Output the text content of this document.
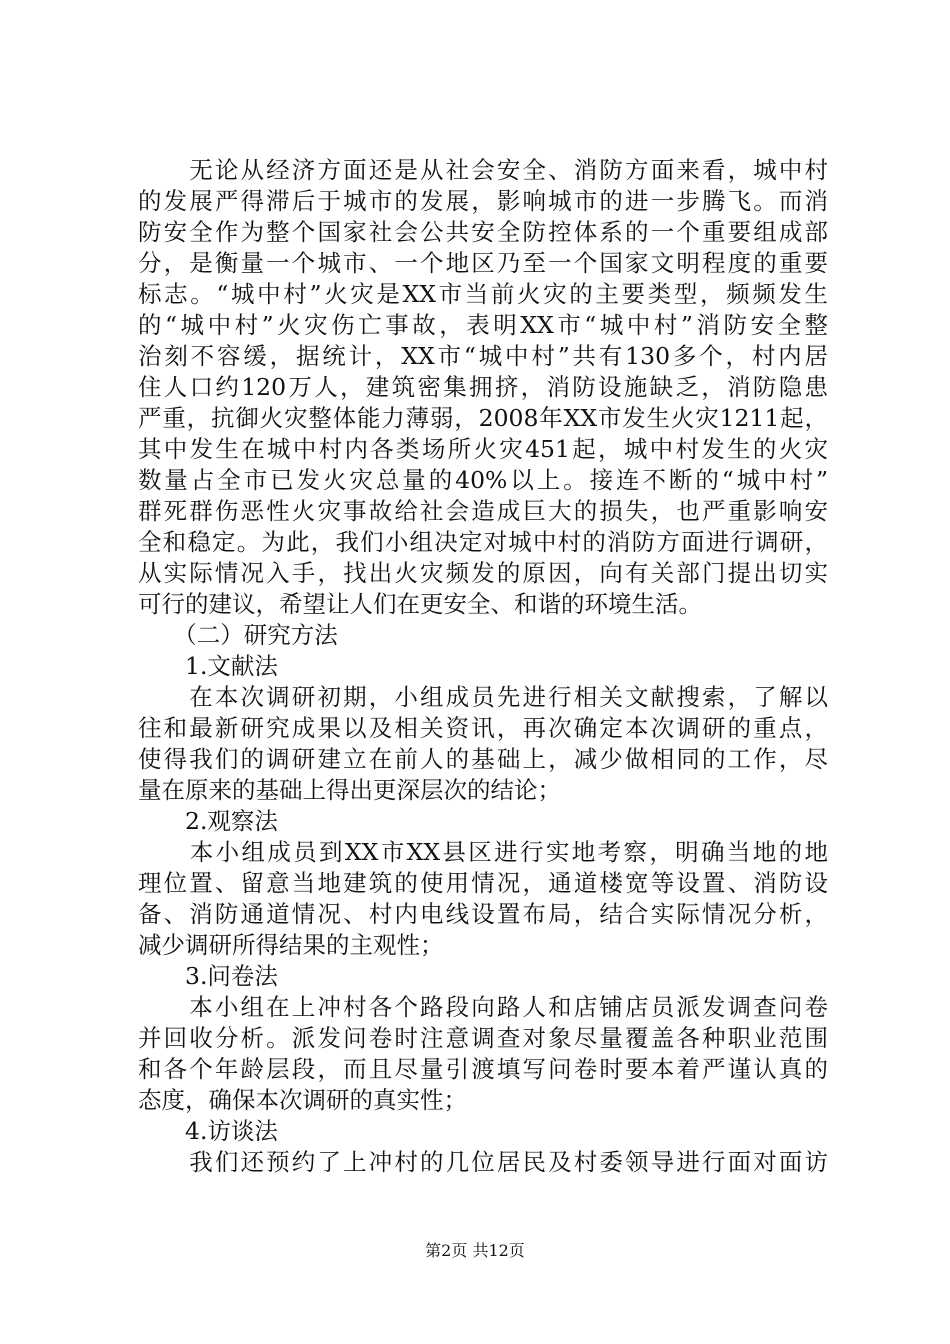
　　无论从经济方面还是从社会安全、消防方面来看，城中村
的发展严得滞后于城市的发展，影响城市的进一步腾飞。而消
防安全作为整个国家社会公共安全防控体系的一个重要组成部
分，是衡量一个城市、一个地区乃至一个国家文明程度的重要
标志。“城中村”火灾是XX市当前火灾的主要类型，频频发生
的“城中村”火灾伤亡事故，表明XX市“城中村”消防安全整
治刻不容缓，据统计，XX市“城中村”共有130多个，村内居
住人口约120万人，建筑密集拥挤，消防设施缺乏，消防隐患
严重，抗御火灾整体能力薄弱，2008年XX市发生火灾1211起，
其中发生在城中村内各类场所火灾451起，城中村发生的火灾
数量占全市已发火灾总量的40%以上。接连不断的“城中村”
群死群伤恶性火灾事故给社会造成巨大的损失，也严重影响安
全和稳定。为此，我们小组决定对城中村的消防方面进行调研，
从实际情况入手，找出火灾频发的原因，向有关部门提出切实
可行的建议，希望让人们在更安全、和谐的环境生活。
　　（二）研究方法
　　1.文献法
　　在本次调研初期，小组成员先进行相关文献搜索，了解以
往和最新研究成果以及相关资讯，再次确定本次调研的重点，
使得我们的调研建立在前人的基础上，减少做相同的工作，尽
量在原来的基础上得出更深层次的结论；
　　2.观察法
　　本小组成员到XX市XX县区进行实地考察，明确当地的地
理位置、留意当地建筑的使用情况，通道楼宽等设置、消防设
备、消防通道情况、村内电线设置布局，结合实际情况分析，
减少调研所得结果的主观性；
　　3.问卷法
　　本小组在上冲村各个路段向路人和店铺店员派发调查问卷
并回收分析。派发问卷时注意调查对象尽量覆盖各种职业范围
和各个年龄层段，而且尽量引渡填写问卷时要本着严谨认真的
态度，确保本次调研的真实性；
　　4.访谈法
　　我们还预约了上冲村的几位居民及村委领导进行面对面访
第2页 共12页
